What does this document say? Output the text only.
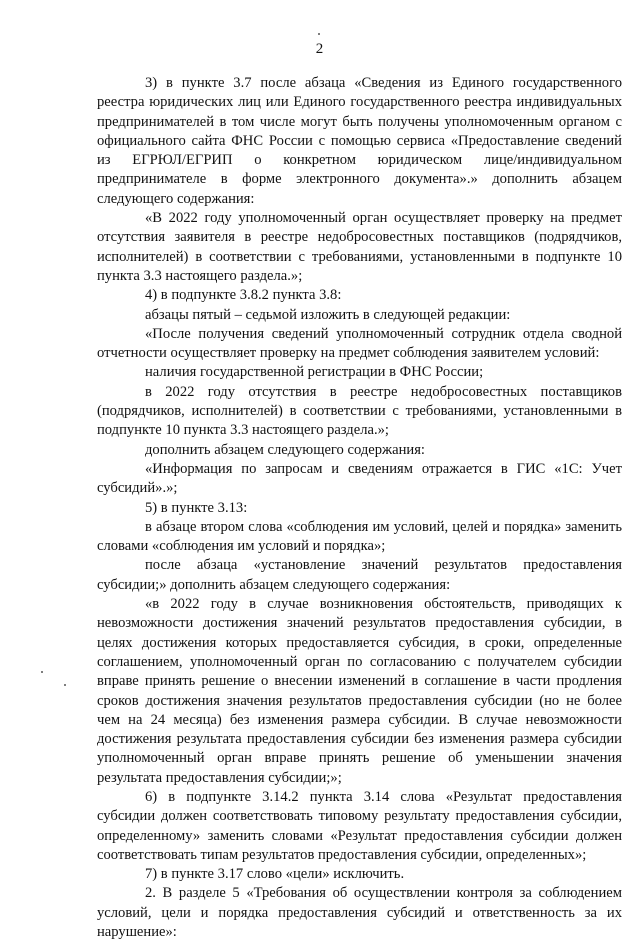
2

3) в пункте 3.7 после абзаца «Сведения из Единого государственного реестра юридических лиц или Единого государственного реестра индивидуальных предпринимателей в том числе могут быть получены уполномоченным органом с официального сайта ФНС России с помощью сервиса «Предоставление сведений из ЕГРЮЛ/ЕГРИП о конкретном юридическом лице/индивидуальном предпринимателе в форме электронного документа».» дополнить абзацем следующего содержания:

«В 2022 году уполномоченный орган осуществляет проверку на предмет отсутствия заявителя в реестре недобросовестных поставщиков (подрядчиков, исполнителей) в соответствии с требованиями, установленными в подпункте 10 пункта 3.3 настоящего раздела.»;

4) в подпункте 3.8.2 пункта 3.8:

абзацы пятый – седьмой изложить в следующей редакции:

«После получения сведений уполномоченный сотрудник отдела сводной отчетности осуществляет проверку на предмет соблюдения заявителем условий:

наличия государственной регистрации в ФНС России;

в 2022 году отсутствия в реестре недобросовестных поставщиков (подрядчиков, исполнителей) в соответствии с требованиями, установленными в подпункте 10 пункта 3.3 настоящего раздела.»;

дополнить абзацем следующего содержания:

«Информация по запросам и сведениям отражается в ГИС «1С: Учет субсидий».»;

5) в пункте 3.13:

в абзаце втором слова «соблюдения им условий, целей и порядка» заменить словами «соблюдения им условий и порядка»;

после абзаца «установление значений результатов предоставления субсидии;» дополнить абзацем следующего содержания:

«в 2022 году в случае возникновения обстоятельств, приводящих к невозможности достижения значений результатов предоставления субсидии, в целях достижения которых предоставляется субсидия, в сроки, определенные соглашением, уполномоченный орган по согласованию с получателем субсидии вправе принять решение о внесении изменений в соглашение в части продления сроков достижения значения результатов предоставления субсидии (но не более чем на 24 месяца) без изменения размера субсидии. В случае невозможности достижения результата предоставления субсидии без изменения размера субсидии уполномоченный орган вправе принять решение об уменьшении значения результата предоставления субсидии;»;

6) в подпункте 3.14.2 пункта 3.14 слова «Результат предоставления субсидии должен соответствовать типовому результату предоставления субсидии, определенному» заменить словами «Результат предоставления субсидии должен соответствовать типам результатов предоставления субсидии, определенных»;

7) в пункте 3.17 слово «цели» исключить.

2. В разделе 5 «Требования об осуществлении контроля за соблюдением условий, цели и порядка предоставления субсидий и ответственность за их нарушение»:
